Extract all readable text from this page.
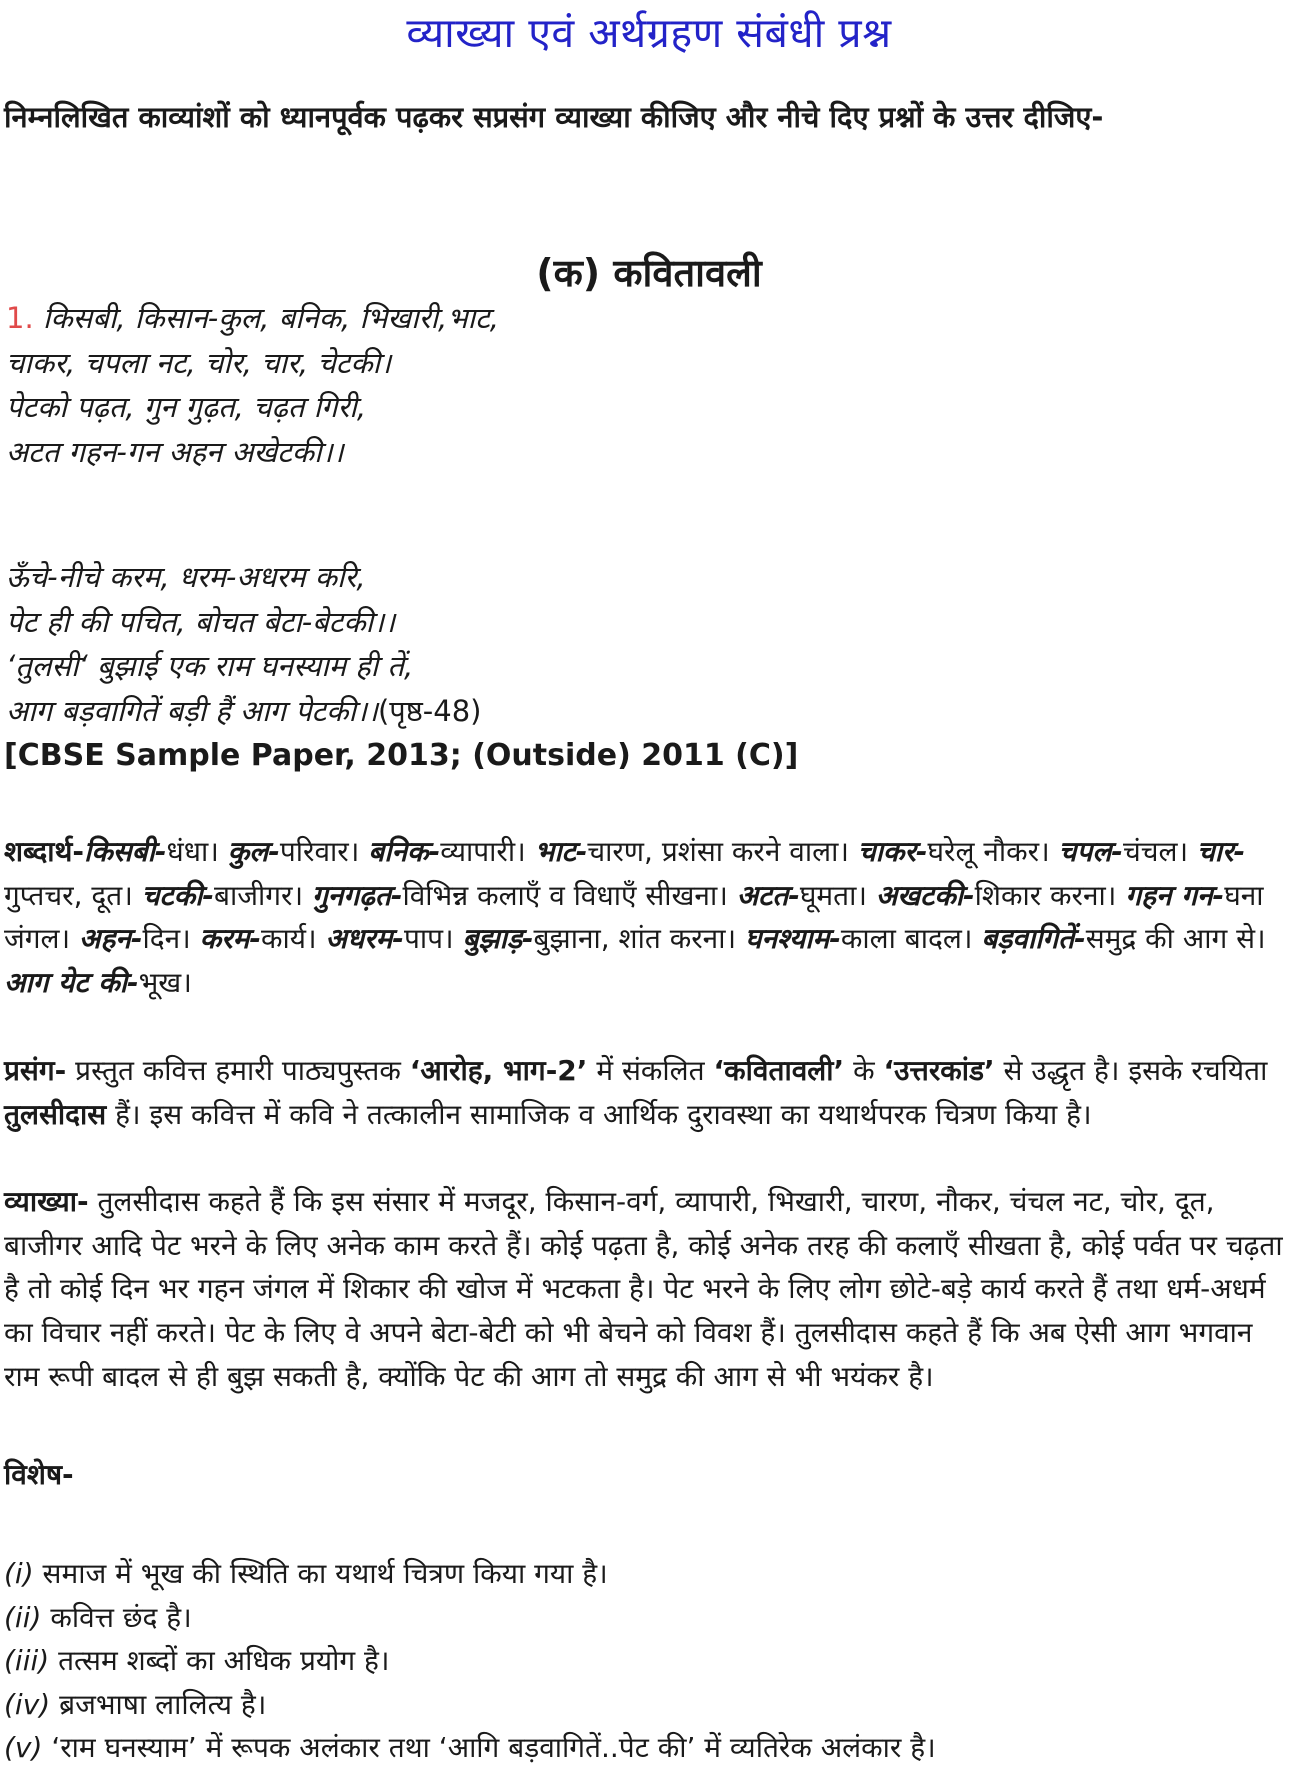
व्याख्या एवं अर्थग्रहण संबंधी प्रश्न
निम्नलिखित काव्यांशों को ध्यानपूर्वक पढ़कर सप्रसंग व्याख्या कीजिए और नीचे दिए प्रश्नों के उत्तर दीजिए-
(क) कवितावली
1. किसबी, किसान-कुल, बनिक, भिखारी,भाट,
चाकर, चपला नट, चोर, चार, चेटकी।
पेटको पढ़त, गुन गुढ़त, चढ़त गिरी,
अटत गहन-गन अहन अखेटकी।।
ऊँचे-नीचे करम, धरम-अधरम करि,
पेट ही की पचित, बोचत बेटा-बेटकी।।
‘तुलसी‘ बुझाई एक राम घनस्याम ही तें,
आग बड़वागितें बड़ी हैं आग पेटकी।।(पृष्ठ-48)
[CBSE Sample Paper, 2013; (Outside) 2011 (C)]
शब्दार्थ-किसबी-धंधा। कुल-परिवार। बनिक-व्यापारी। भाट-चारण, प्रशंसा करने वाला। चाकर-घरेलू नौकर। चपल-चंचल। चार-गुप्तचर, दूत। चटकी-बाजीगर। गुनगढ़त-विभिन्न कलाएँ व विधाएँ सीखना। अटत-घूमता। अखटकी-शिकार करना। गहन गन-घना जंगल। अहन-दिन। करम-कार्य। अधरम-पाप। बुझाड़-बुझाना, शांत करना। घनश्याम-काला बादल। बड़वागितें-समुद्र की आग से। आग येट की-भूख।
प्रसंग- प्रस्तुत कवित्त हमारी पाठ्यपुस्तक ‘आरोह, भाग-2’ में संकलित ‘कवितावली’ के ‘उत्तरकांड’ से उद्धृत है। इसके रचयिता तुलसीदास हैं। इस कवित्त में कवि ने तत्कालीन सामाजिक व आर्थिक दुरावस्था का यथार्थपरक चित्रण किया है।
व्याख्या- तुलसीदास कहते हैं कि इस संसार में मजदूर, किसान-वर्ग, व्यापारी, भिखारी, चारण, नौकर, चंचल नट, चोर, दूत, बाजीगर आदि पेट भरने के लिए अनेक काम करते हैं। कोई पढ़ता है, कोई अनेक तरह की कलाएँ सीखता है, कोई पर्वत पर चढ़ता है तो कोई दिन भर गहन जंगल में शिकार की खोज में भटकता है। पेट भरने के लिए लोग छोटे-बड़े कार्य करते हैं तथा धर्म-अधर्म का विचार नहीं करते। पेट के लिए वे अपने बेटा-बेटी को भी बेचने को विवश हैं। तुलसीदास कहते हैं कि अब ऐसी आग भगवान राम रूपी बादल से ही बुझ सकती है, क्योंकि पेट की आग तो समुद्र की आग से भी भयंकर है।
विशेष-
(i) समाज में भूख की स्थिति का यथार्थ चित्रण किया गया है।
(ii) कवित्त छंद है।
(iii) तत्सम शब्दों का अधिक प्रयोग है।
(iv) ब्रजभाषा लालित्य है।
(v) ‘राम घनस्याम’ में रूपक अलंकार तथा ‘आगि बड़वागितें..पेट की’ में व्यतिरेक अलंकार है।
